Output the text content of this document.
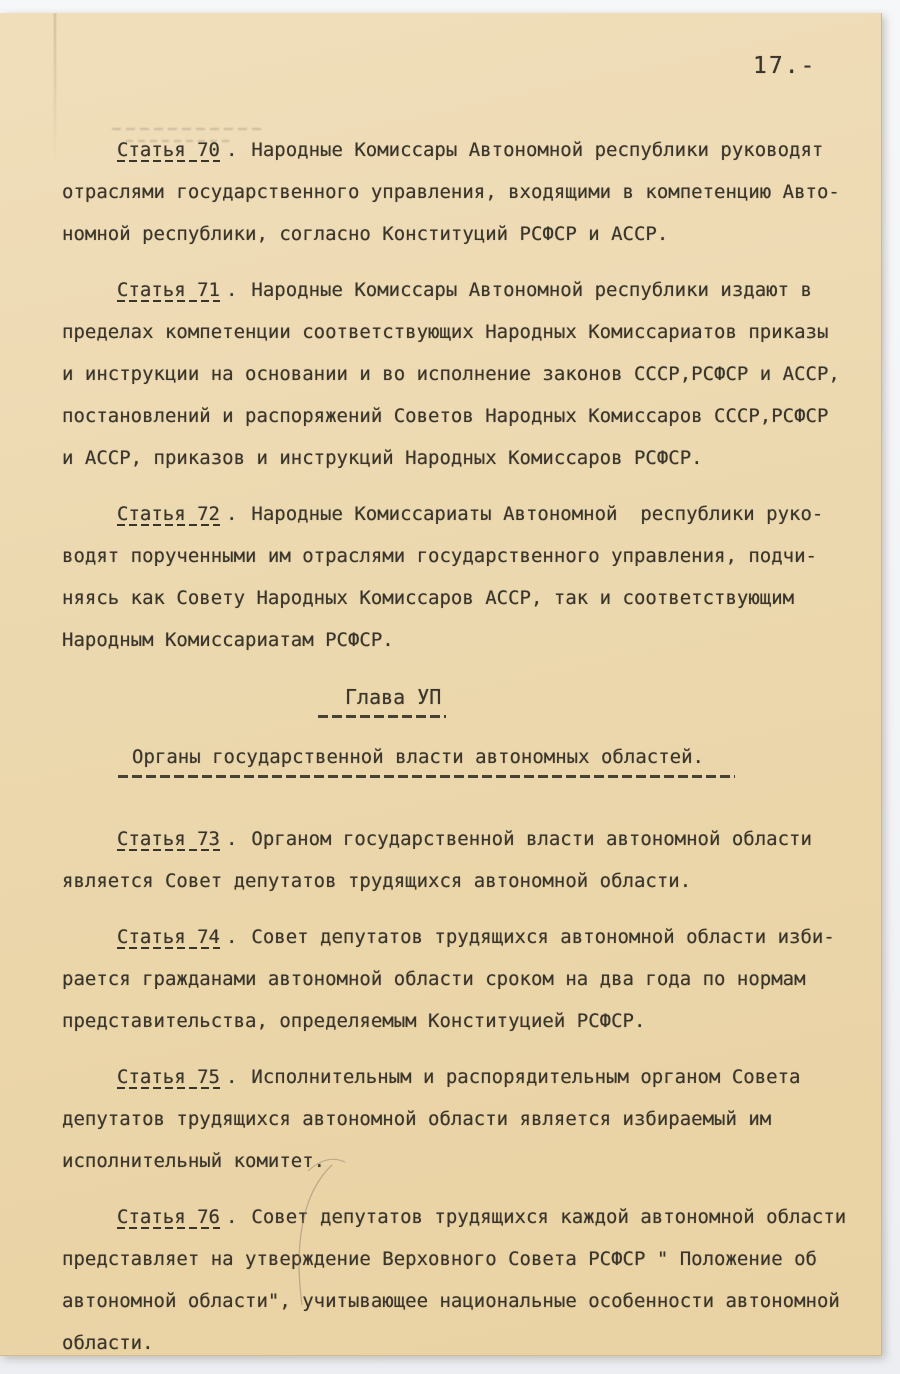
17.-

Статья 70 . Народные Комиссары Автономной республики руководят
отраслями государственного управления, входящими в компетенцию Авто-
номной республики, согласно Конституций РСФСР и АССР.

Статья 71 . Народные Комиссары Автономной республики издают в
пределах компетенции соответствующих Народных Комиссариатов приказы
и инструкции на основании и во исполнение законов СССР,РСФСР и АССР,
постановлений и распоряжений Советов Народных Комиссаров СССР,РСФСР
и АССР, приказов и инструкций Народных Комиссаров РСФСР.

Статья 72 . Народные Комиссариаты Автономной  республики руко-
водят порученными им отраслями государственного управления, подчи-
няясь как Совету Народных Комиссаров АССР, так и соответствующим
Народным Комиссариатам РСФСР.

Глава УП
Органы государственной власти автономных областей.

Статья 73 . Органом государственной власти автономной области
является Совет депутатов трудящихся автономной области.

Статья 74 . Совет депутатов трудящихся автономной области изби-
рается гражданами автономной области сроком на два года по нормам
представительства, определяемым Конституцией РСФСР.

Статья 75 . Исполнительным и распорядительным органом Совета
депутатов трудящихся автономной области является избираемый им
исполнительный комитет.

Статья 76 . Совет депутатов трудящихся каждой автономной области
представляет на утверждение Верховного Совета РСФСР " Положение об
автономной области", учитывающее национальные особенности автономной
области.
